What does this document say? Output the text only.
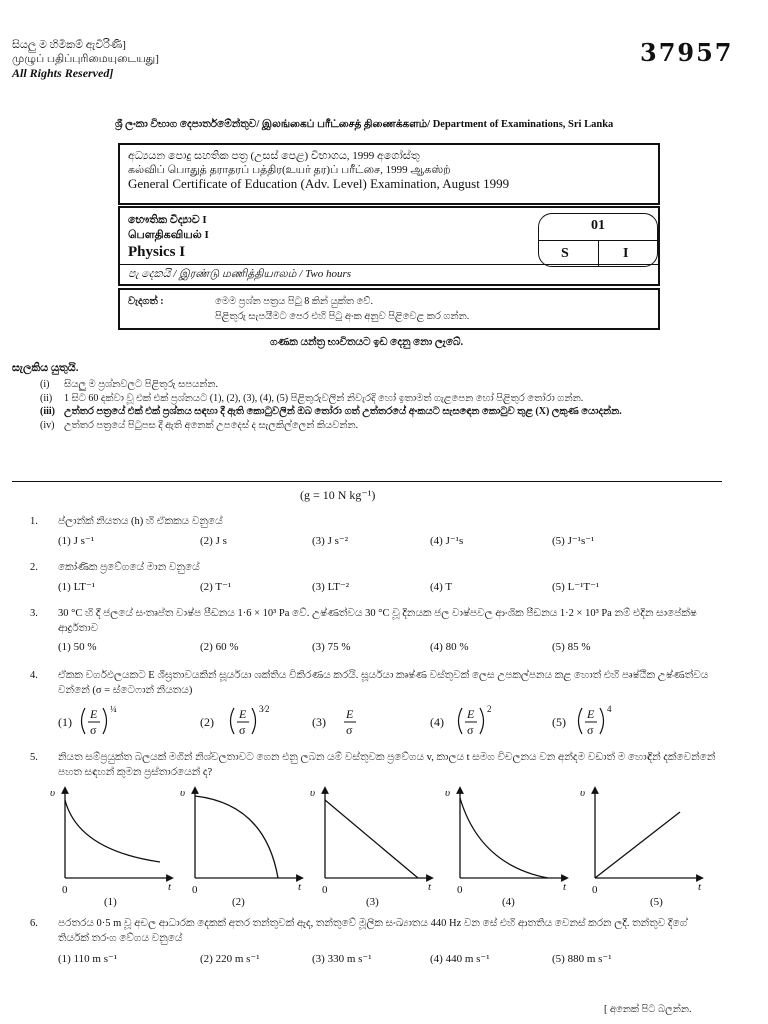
සියලු ම හිමිකම් ඇවිරිණි]
முழுப் பதிப்புரிமையுடையது]
All Rights Reserved]
37957
ශ්‍රී ලංකා විභාග දෙපාර්තමේන්තුව/ இலங்கைப் பரீட்சைத் திணைக்களம்/ Department of Examinations, Sri Lanka
අධ්‍යයන පොදු සහතික පත්‍ර (උසස් පෙළ) විභාගය, 1999 අගෝස්තු
கல்விப் பொதுத் தராதரப் பத்திர(உயர் தர)ப் பரீட்சை, 1999 ஆகஸ்ற்
General Certificate of Education (Adv. Level) Examination, August 1999
භෞතික විද්‍යාව I
பௌதிகவியல் I
Physics I
01
S	I
පැ දෙකයි / இரண்டு மணித்தியாலம் / Two hours
වැදගත් :	මෙම ප්‍රශ්න පත්‍රය පිටු 8 කින් යුක්ත වේ.
පිළිතුරු සැපයීමට පෙර එහි පිටු අංක අනුව පිළිවෙළ කර ගන්න.
ගණක යන්ත්‍ර භාවිතයට ඉඩ දෙනු නො ලැබේ.
සැලකිය යුතුයි.
(i)	සියලු ම ප්‍රශ්නවලට පිළිතුරු සපයන්න.
(ii)	1 සිට 60 දක්වා වූ එක් එක් ප්‍රශ්නයට (1), (2), (3), (4), (5) පිළිතුරුවලින් නිවැරදි හෝ ඉතාමත් ගැළපෙන හෝ පිළිතුර තෝරා ගන්න.
(iii) උත්තර පත්‍රයේ එක් එක් ප්‍රශ්නය සඳහා දී ඇති කොටුවලින් ඔබ තෝරා ගත් උත්තරයේ අංකයට සැසඳෙන කොටුව තුළ (X) ලකුණ යොදන්න.
(iv) උත්තර පත්‍රයේ පිටුපස දී ඇති අනෙක් උපදෙස් ද සැලකිල්ලෙන් කියවන්න.
(g = 10 N kg⁻¹)
1. ප්ලාන්ක් නියතය (h) හි ඒකකය වනුයේ
(1) J s⁻¹	(2) J s	(3) J s⁻²	(4) J⁻¹s	(5) J⁻¹s⁻¹
2. කෝණික ප්‍රවේගයේ මාන වනුයේ
(1) LT⁻¹	(2) T⁻¹	(3) LT⁻²	(4) T	(5) L⁻¹T⁻¹
3. 30 °C හි දී ජලයේ සංතෘප්ත වාෂ්ප පීඩනය 1·6 × 10³ Pa වේ. උෂ්ණත්වය 30 °C වූ දිනයක ජල වාෂ්පවල ආංශික පීඩනය 1·2 × 10³ Pa නම් එදින සාපේක්ෂ ආර්ද්‍රතාව
(1) 50 %	(2) 60 %	(3) 75 %	(4) 80 %	(5) 85 %
4. ඒකක වර්ගඵලයකට E ශීඝ්‍රතාවයකින් සූර්යයා ශක්තිය විකිරණය කරයි. සූර්යයා කෘෂ්ණ වස්තුවක් ලෙස උපකල්පනය කළ හොත් එහි පෘෂ්ඨික උෂ්ණත්වය වන්නේ (σ = ස්ටෙෆාන් නියතය)
(1)
E
σ
¼
(2)
E
σ
3⁄2
(3)
E
σ
(4)
E
σ
2
(5)
E
σ
4
5. නියත සම්ප්‍රයුක්ත බලයක් මගින් නිශ්චලතාවට ගෙන එනු ලබන යම් වස්තුවක ප්‍රවේගය v, කාලය t සමග විචලනය වන අන්දම වඩාත් ම හොඳින් දක්වෙන්නේ පහත සඳහන් කුමන ප්‍රස්තාරයෙන් ද?
υ
0	t
(1)
υ
0	t
(2)
υ
0	t
(3)
υ
0	t
(4)
υ
0	t
(5)
6. පරතරය 0·5 m වූ අචල ආධාරක දෙකක් අතර තන්තුවක් ඇද, තන්තුවේ මූලික සංඛ්‍යාතය 440 Hz වන සේ එහි ආතතිය වෙනස් කරන ලදී. තන්තුව දිගේ තිර්යක් තරංග වේගය වනුයේ
(1) 110 m s⁻¹	(2) 220 m s⁻¹	(3) 330 m s⁻¹	(4) 440 m s⁻¹	(5) 880 m s⁻¹
[ අනෙක් පිට බලන්න.
